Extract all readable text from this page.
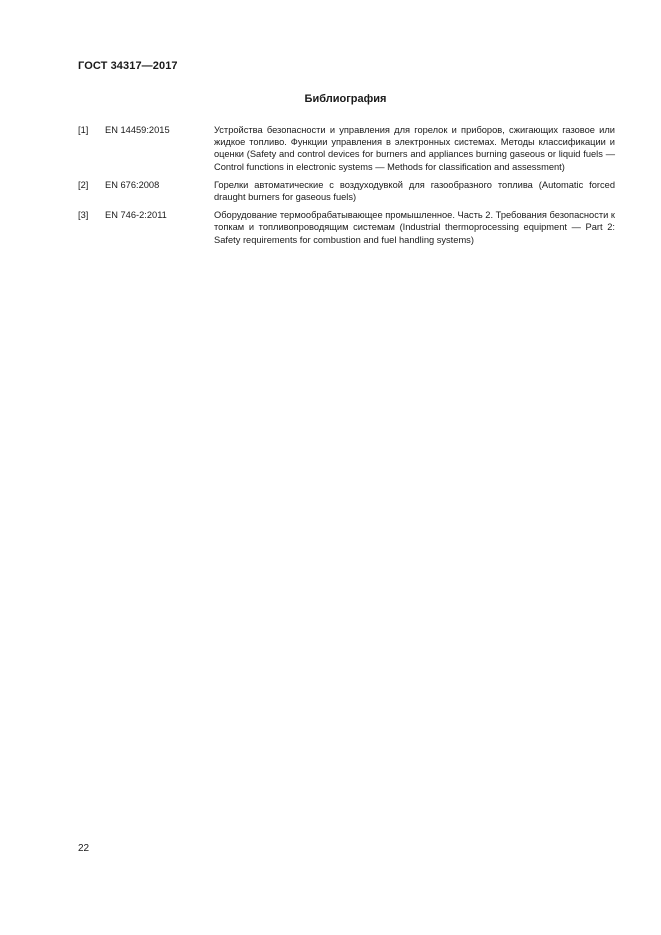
ГОСТ 34317—2017
Библиография
[1]	EN 14459:2015	Устройства безопасности и управления для горелок и приборов, сжигающих газовое или жидкое топливо. Функции управления в электронных системах. Методы классификации и оценки (Safety and control devices for burners and appliances burning gaseous or liquid fuels — Control functions in electronic systems — Methods for classification and assessment)
[2]	EN 676:2008	Горелки автоматические с воздуходувкой для газообразного топлива (Automatic forced draught burners for gaseous fuels)
[3]	EN 746-2:2011	Оборудование термообрабатывающее промышленное. Часть 2. Требования безопасности к топкам и топливопроводящим системам (Industrial thermoprocessing equipment — Part 2: Safety requirements for combustion and fuel handling systems)
22
